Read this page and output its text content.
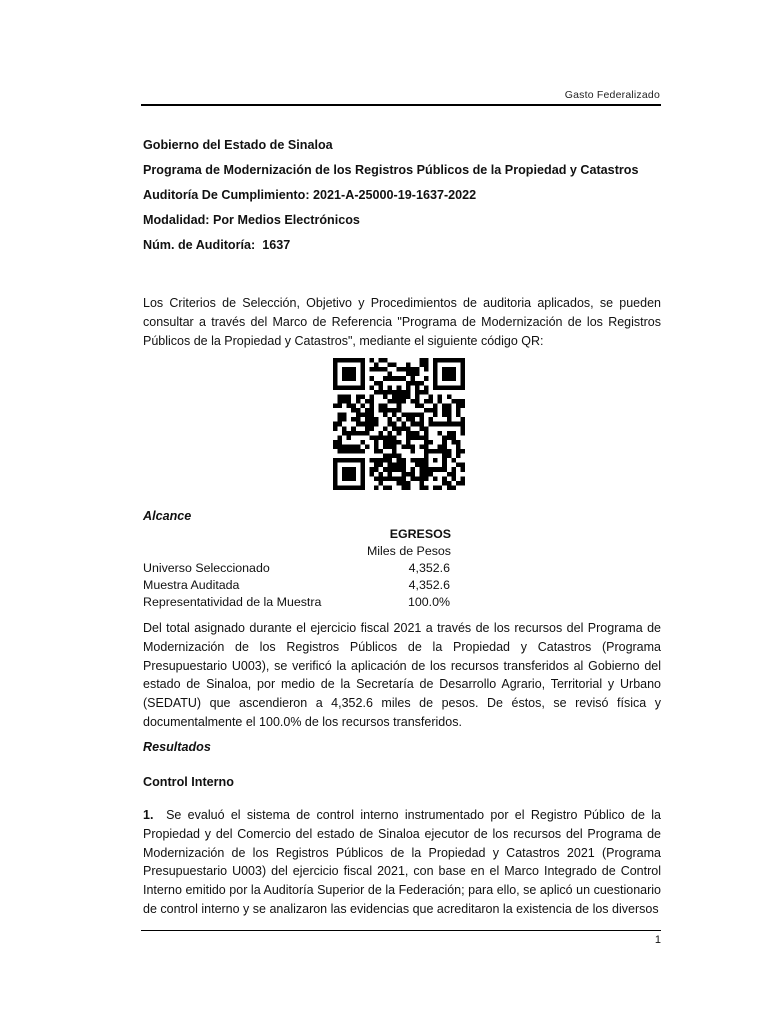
Gasto Federalizado
Gobierno del Estado de Sinaloa
Programa de Modernización de los Registros Públicos de la Propiedad y Catastros
Auditoría De Cumplimiento: 2021-A-25000-19-1637-2022
Modalidad: Por Medios Electrónicos
Núm. de Auditoría: 1637

Los Criterios de Selección, Objetivo y Procedimientos de auditoria aplicados, se pueden consultar a través del Marco de Referencia "Programa de Modernización de los Registros Públicos de la Propiedad y Catastros", mediante el siguiente código QR:

Alcance
EGRESOS
Miles de Pesos
Universo Seleccionado	4,352.6
Muestra Auditada	4,352.6
Representatividad de la Muestra	100.0%

Del total asignado durante el ejercicio fiscal 2021 a través de los recursos del Programa de Modernización de los Registros Públicos de la Propiedad y Catastros (Programa Presupuestario U003), se verificó la aplicación de los recursos transferidos al Gobierno del estado de Sinaloa, por medio de la Secretaría de Desarrollo Agrario, Territorial y Urbano (SEDATU) que ascendieron a 4,352.6 miles de pesos. De éstos, se revisó física y documentalmente el 100.0% de los recursos transferidos.

Resultados
Control Interno

1. Se evaluó el sistema de control interno instrumentado por el Registro Público de la Propiedad y del Comercio del estado de Sinaloa ejecutor de los recursos del Programa de Modernización de los Registros Públicos de la Propiedad y Catastros 2021 (Programa Presupuestario U003) del ejercicio fiscal 2021, con base en el Marco Integrado de Control Interno emitido por la Auditoría Superior de la Federación; para ello, se aplicó un cuestionario de control interno y se analizaron las evidencias que acreditaron la existencia de los diversos

1
